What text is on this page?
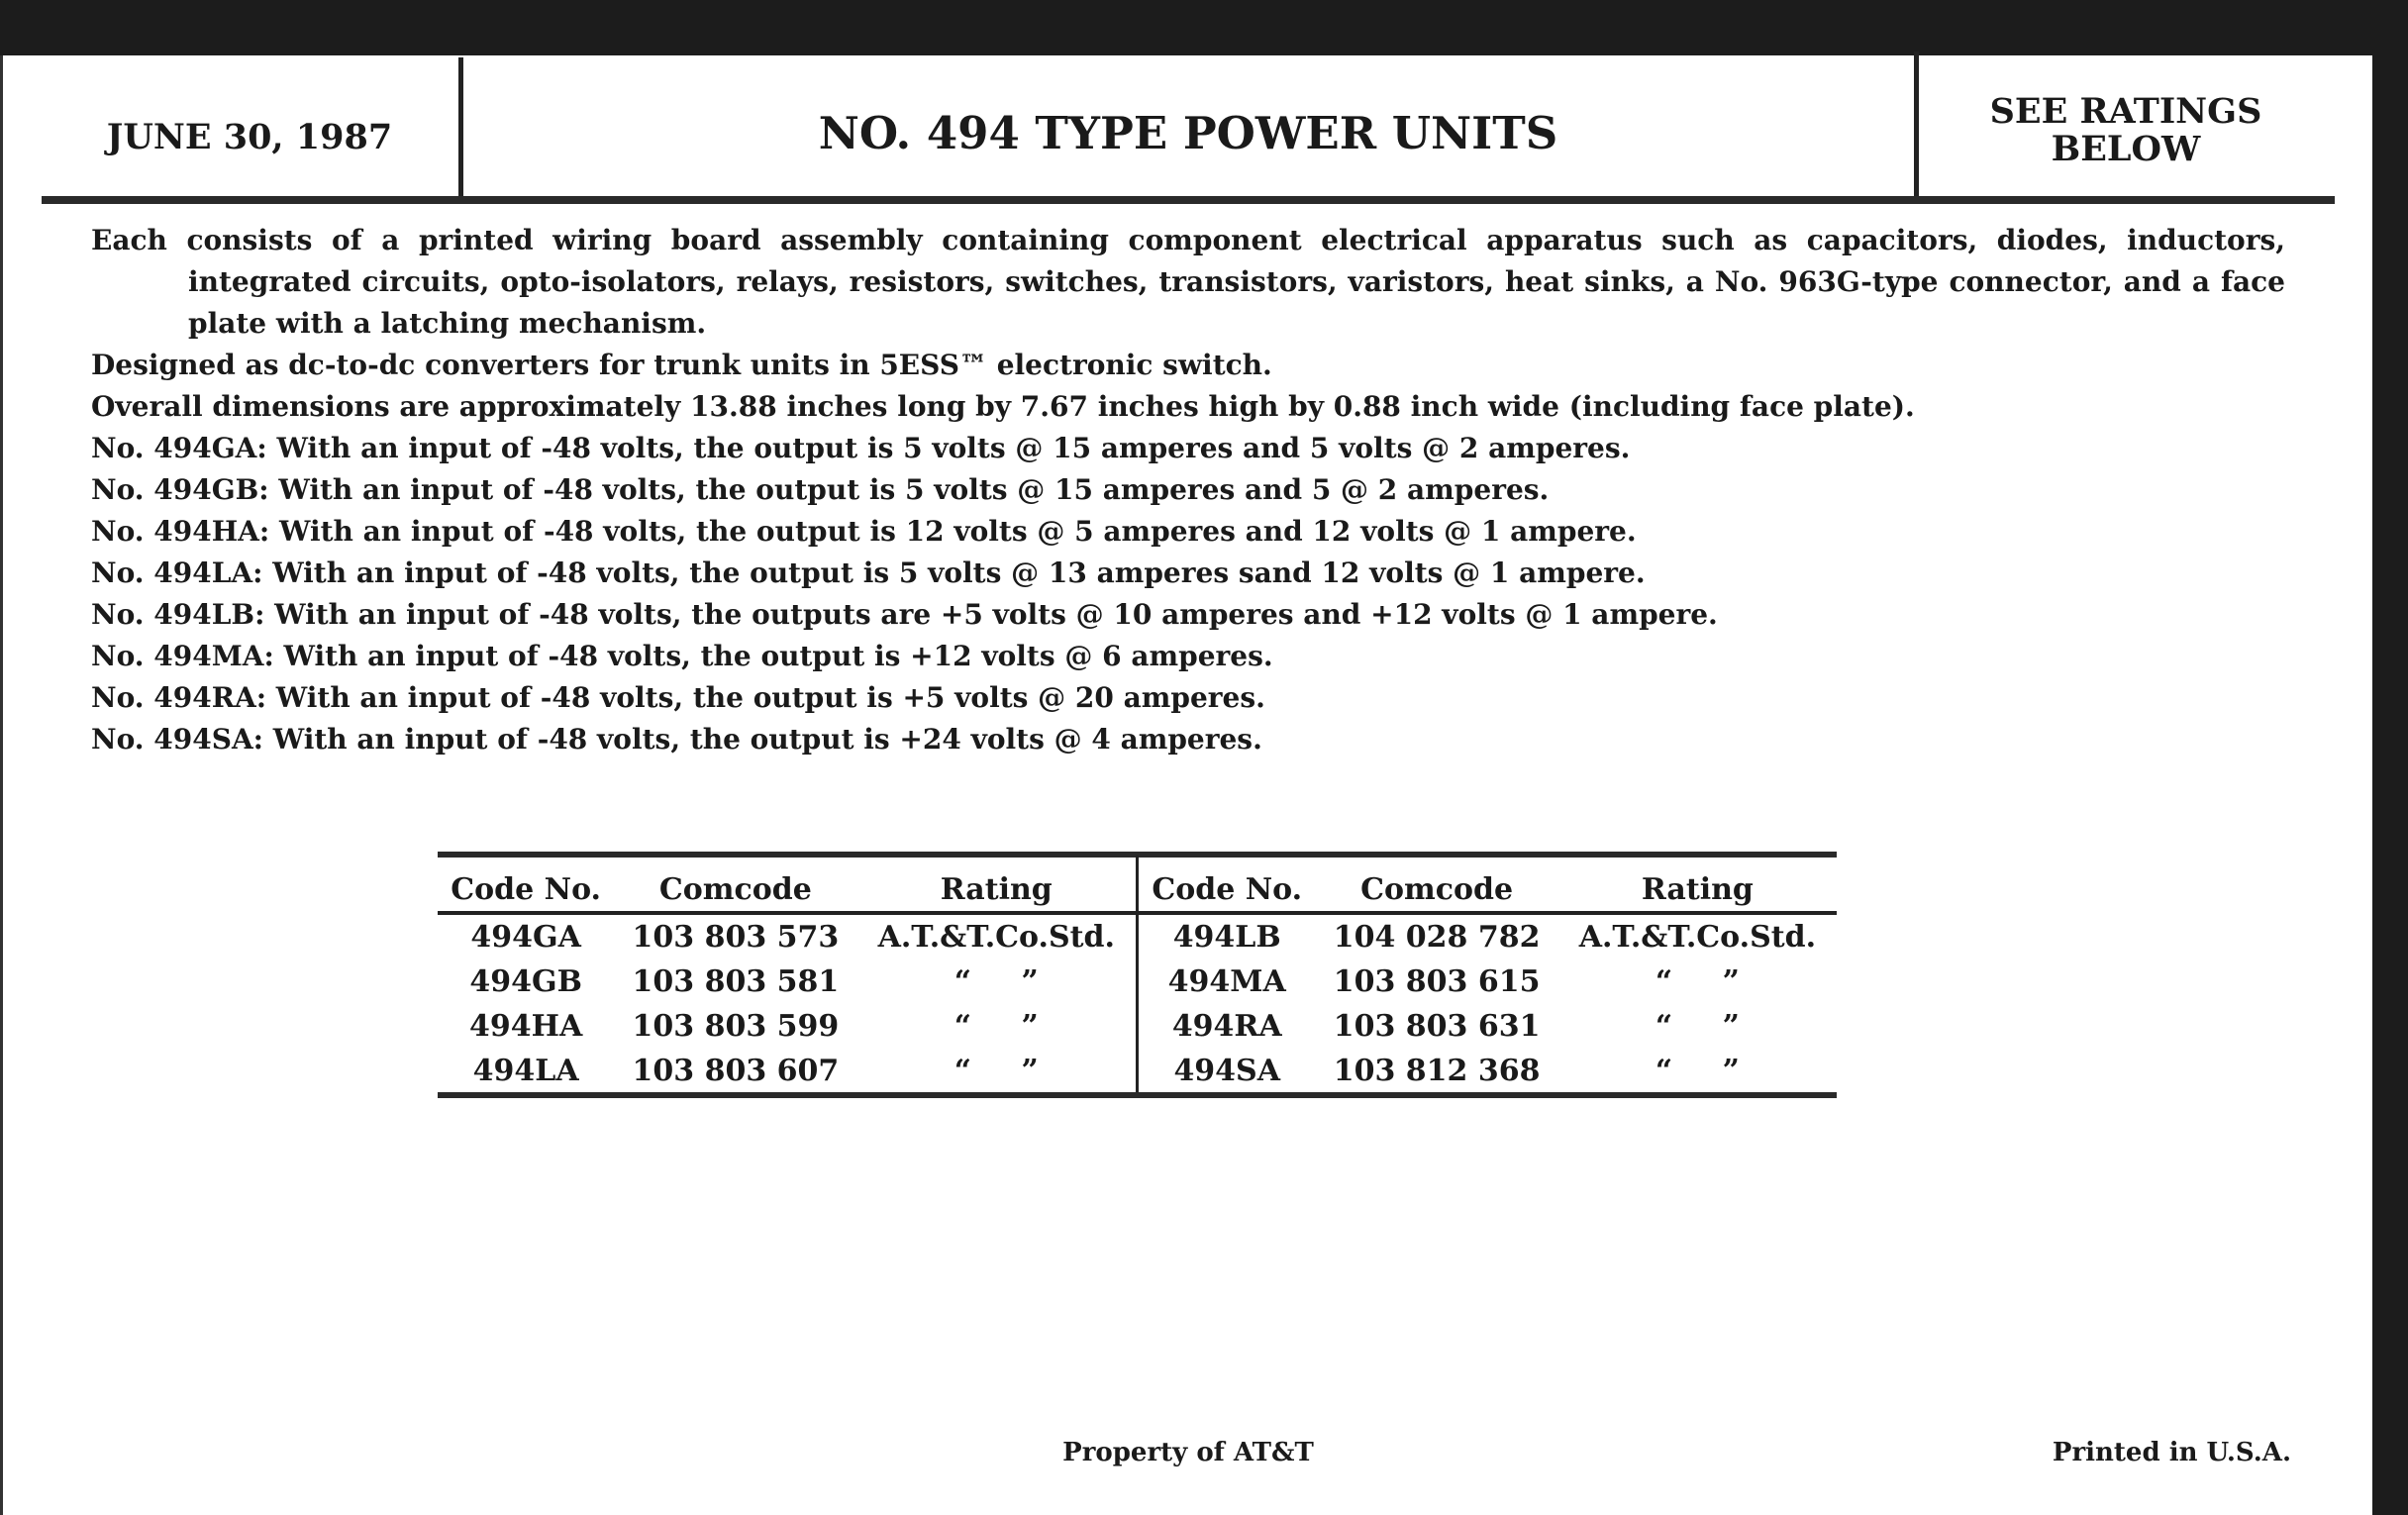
JUNE 30, 1987	NO. 494 TYPE POWER UNITS	SEE RATINGS
BELOW

Each consists of a printed wiring board assembly containing component electrical apparatus such as capacitors, diodes, inductors, integrated circuits, opto-isolators, relays, resistors, switches, transistors, varistors, heat sinks, a No. 963G-type connector, and a face plate with a latching mechanism.

Designed as dc-to-dc converters for trunk units in 5ESS™ electronic switch.

Overall dimensions are approximately 13.88 inches long by 7.67 inches high by 0.88 inch wide (including face plate).

No. 494GA: With an input of -48 volts, the output is 5 volts @ 15 amperes and 5 volts @ 2 amperes.

No. 494GB: With an input of -48 volts, the output is 5 volts @ 15 amperes and 5 @ 2 amperes.

No. 494HA: With an input of -48 volts, the output is 12 volts @ 5 amperes and 12 volts @ 1 ampere.

No. 494LA: With an input of -48 volts, the output is 5 volts @ 13 amperes sand 12 volts @ 1 ampere.

No. 494LB: With an input of -48 volts, the outputs are +5 volts @ 10 amperes and +12 volts @ 1 ampere.

No. 494MA: With an input of -48 volts, the output is +12 volts @ 6 amperes.

No. 494RA: With an input of -48 volts, the output is +5 volts @ 20 amperes.

No. 494SA: With an input of -48 volts, the output is +24 volts @ 4 amperes.

Code No.	Comcode	Rating	Code No.	Comcode	Rating
494GA	103 803 573	A.T.&T.Co.Std.	494LB	104 028 782	A.T.&T.Co.Std.
494GB	103 803 581	“ ”	494MA	103 803 615	“ ”
494HA	103 803 599	“ ”	494RA	103 803 631	“ ”
494LA	103 803 607	“ ”	494SA	103 812 368	“ ”
Property of AT&T	Printed in U.S.A.
